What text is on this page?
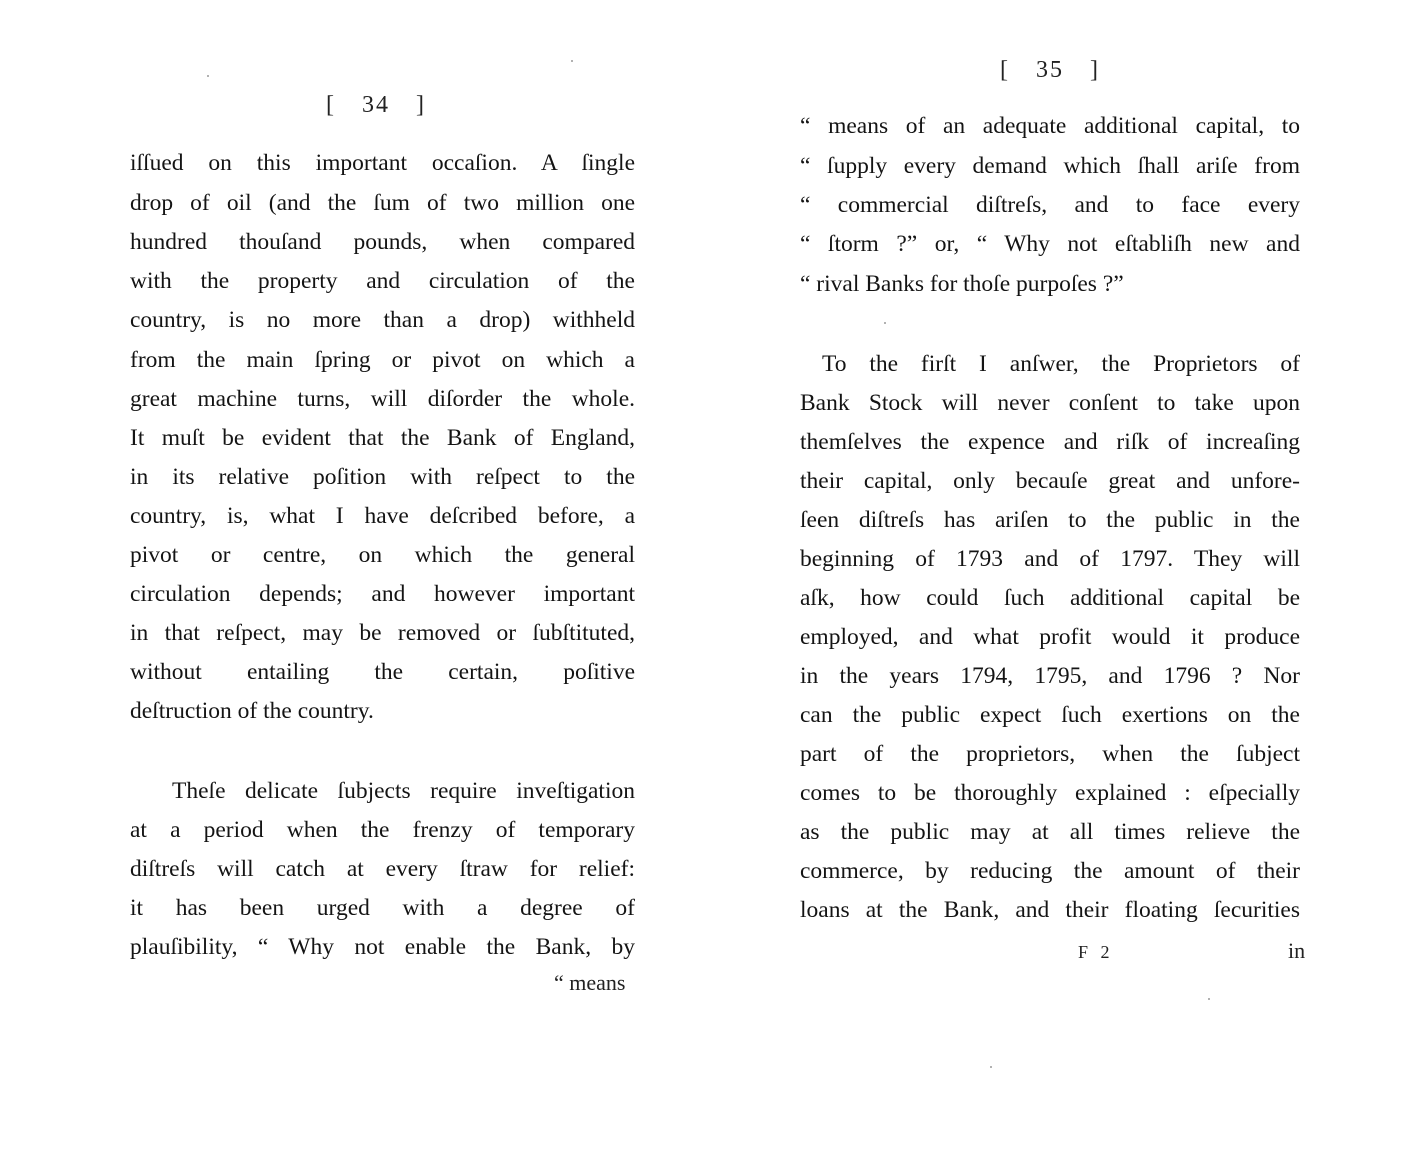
[ 34 ]
iſſued on this important occaſion. A ſingle
drop of oil (and the ſum of two million one
hundred thouſand pounds, when compared
with the property and circulation of the
country, is no more than a drop) withheld
from the main ſpring or pivot on which a
great machine turns, will diſorder the whole.
It muſt be evident that the Bank of England,
in its relative poſition with reſpect to the
country, is, what I have deſcribed before, a
pivot or centre, on which the general
circulation depends; and however important
in that reſpect, may be removed or ſubſtituted,
without entailing the certain, poſitive
deſtruction of the country.
Theſe delicate ſubjects require inveſtigation
at a period when the frenzy of temporary
diſtreſs will catch at every ſtraw for relief:
it has been urged with a degree of
plauſibility, “ Why not enable the Bank, by
“ means
[ 35 ]
“ means of an adequate additional capital, to
“ ſupply every demand which ſhall ariſe from
“ commercial diſtreſs, and to face every
“ ſtorm ?” or, “ Why not eſtabliſh new and
“ rival Banks for thoſe purpoſes ?”
To the firſt I anſwer, the Proprietors of
Bank Stock will never conſent to take upon
themſelves the expence and riſk of increaſing
their capital, only becauſe great and unfore-
ſeen diſtreſs has ariſen to the public in the
beginning of 1793 and of 1797. They will
aſk, how could ſuch additional capital be
employed, and what profit would it produce
in the years 1794, 1795, and 1796 ? Nor
can the public expect ſuch exertions on the
part of the proprietors, when the ſubject
comes to be thoroughly explained : eſpecially
as the public may at all times relieve the
commerce, by reducing the amount of their
loans at the Bank, and their floating ſecurities
F 2	in
